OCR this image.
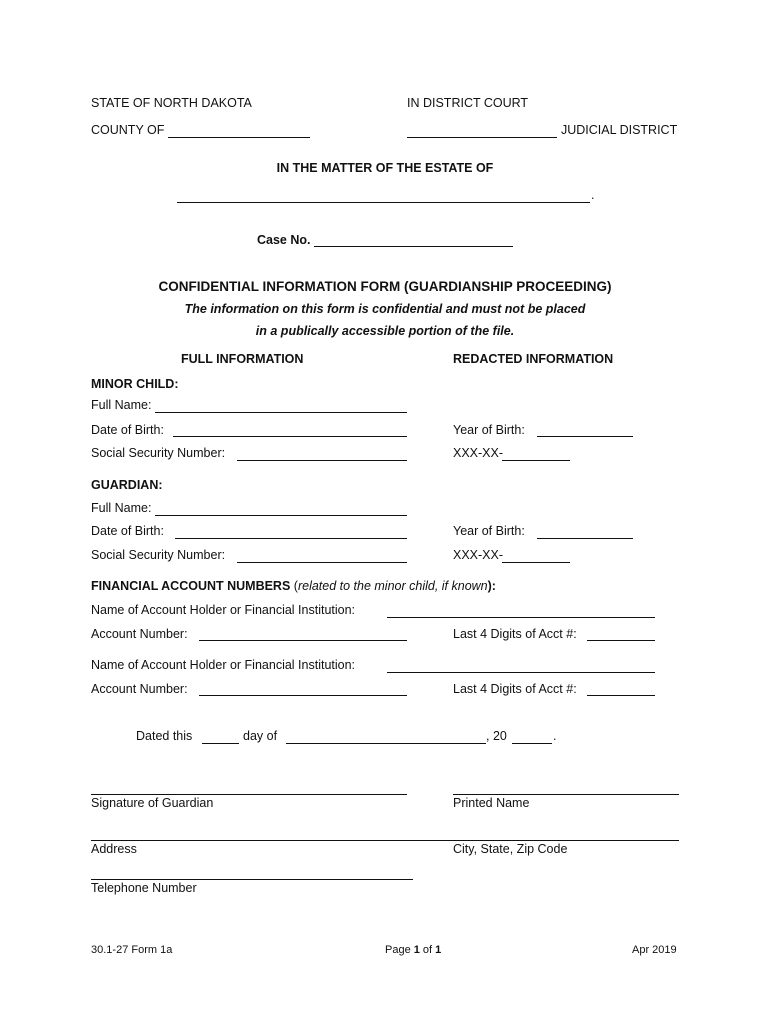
STATE OF NORTH DAKOTA	IN DISTRICT COURT
COUNTY OF	JUDICIAL DISTRICT
IN THE MATTER OF THE ESTATE OF
.
Case No.
CONFIDENTIAL INFORMATION FORM (GUARDIANSHIP PROCEEDING)
The information on this form is confidential and must not be placed
in a publically accessible portion of the file.
FULL INFORMATION	REDACTED INFORMATION
MINOR CHILD:
Full Name:
Date of Birth:	Year of Birth:
Social Security Number:	XXX-XX-
GUARDIAN:
Full Name:
Date of Birth:	Year of Birth:
Social Security Number:	XXX-XX-
FINANCIAL ACCOUNT NUMBERS (related to the minor child, if known):
Name of Account Holder or Financial Institution:
Account Number:	Last 4 Digits of Acct #:
Name of Account Holder or Financial Institution:
Account Number:	Last 4 Digits of Acct #:
Dated this	day of	, 20	.
Signature of Guardian	Printed Name
Address	City, State, Zip Code
Telephone Number
30.1-27 Form 1a	Page 1 of 1	Apr 2019
